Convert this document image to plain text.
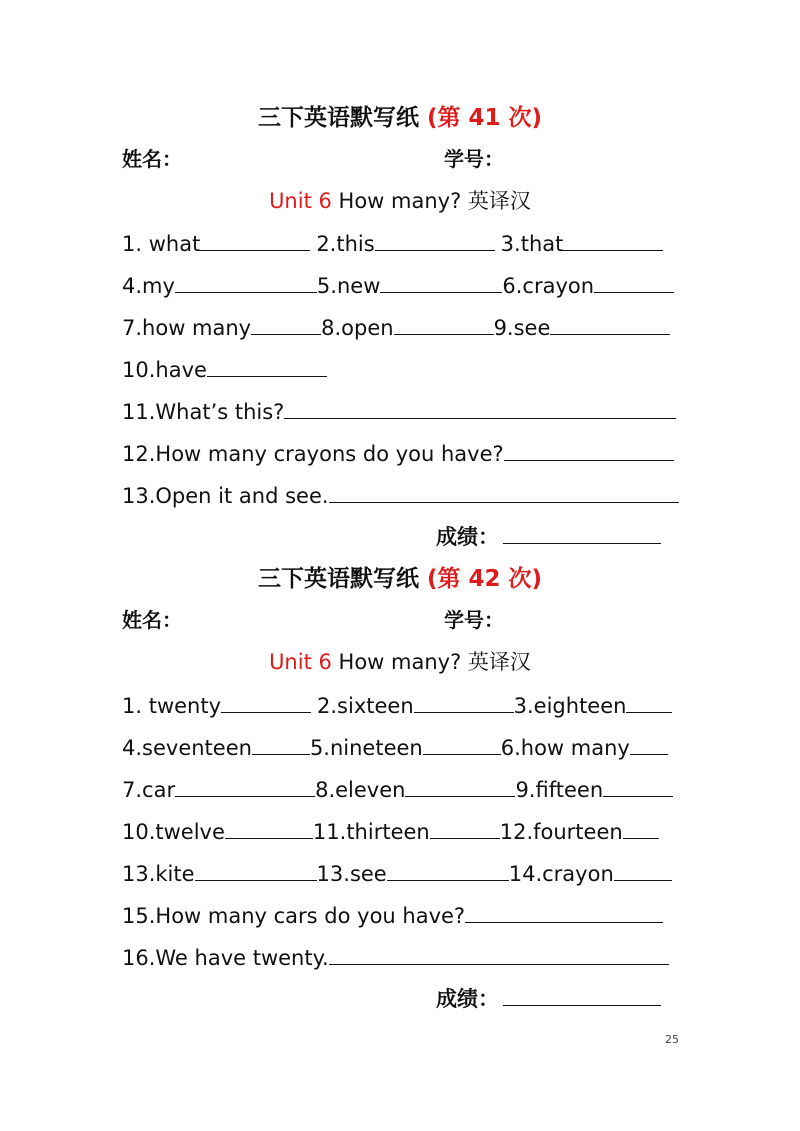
三下英语默写纸 (第 41 次)
姓名：	学号：
Unit 6 How many? 英译汉
1. what	2.this	3.that
4.my	5.new	6.crayon
7.how many	8.open	9.see
10.have
11.What’s this?
12.How many crayons do you have?
13.Open it and see.
成绩：
三下英语默写纸 (第 42 次)
姓名：	学号：
Unit 6 How many? 英译汉
1. twenty	2.sixteen	3.eighteen
4.seventeen	5.nineteen	6.how many
7.car	8.eleven	9.fifteen
10.twelve	11.thirteen	12.fourteen
13.kite	13.see	14.crayon
15.How many cars do you have?
16.We have twenty.
成绩：
25
